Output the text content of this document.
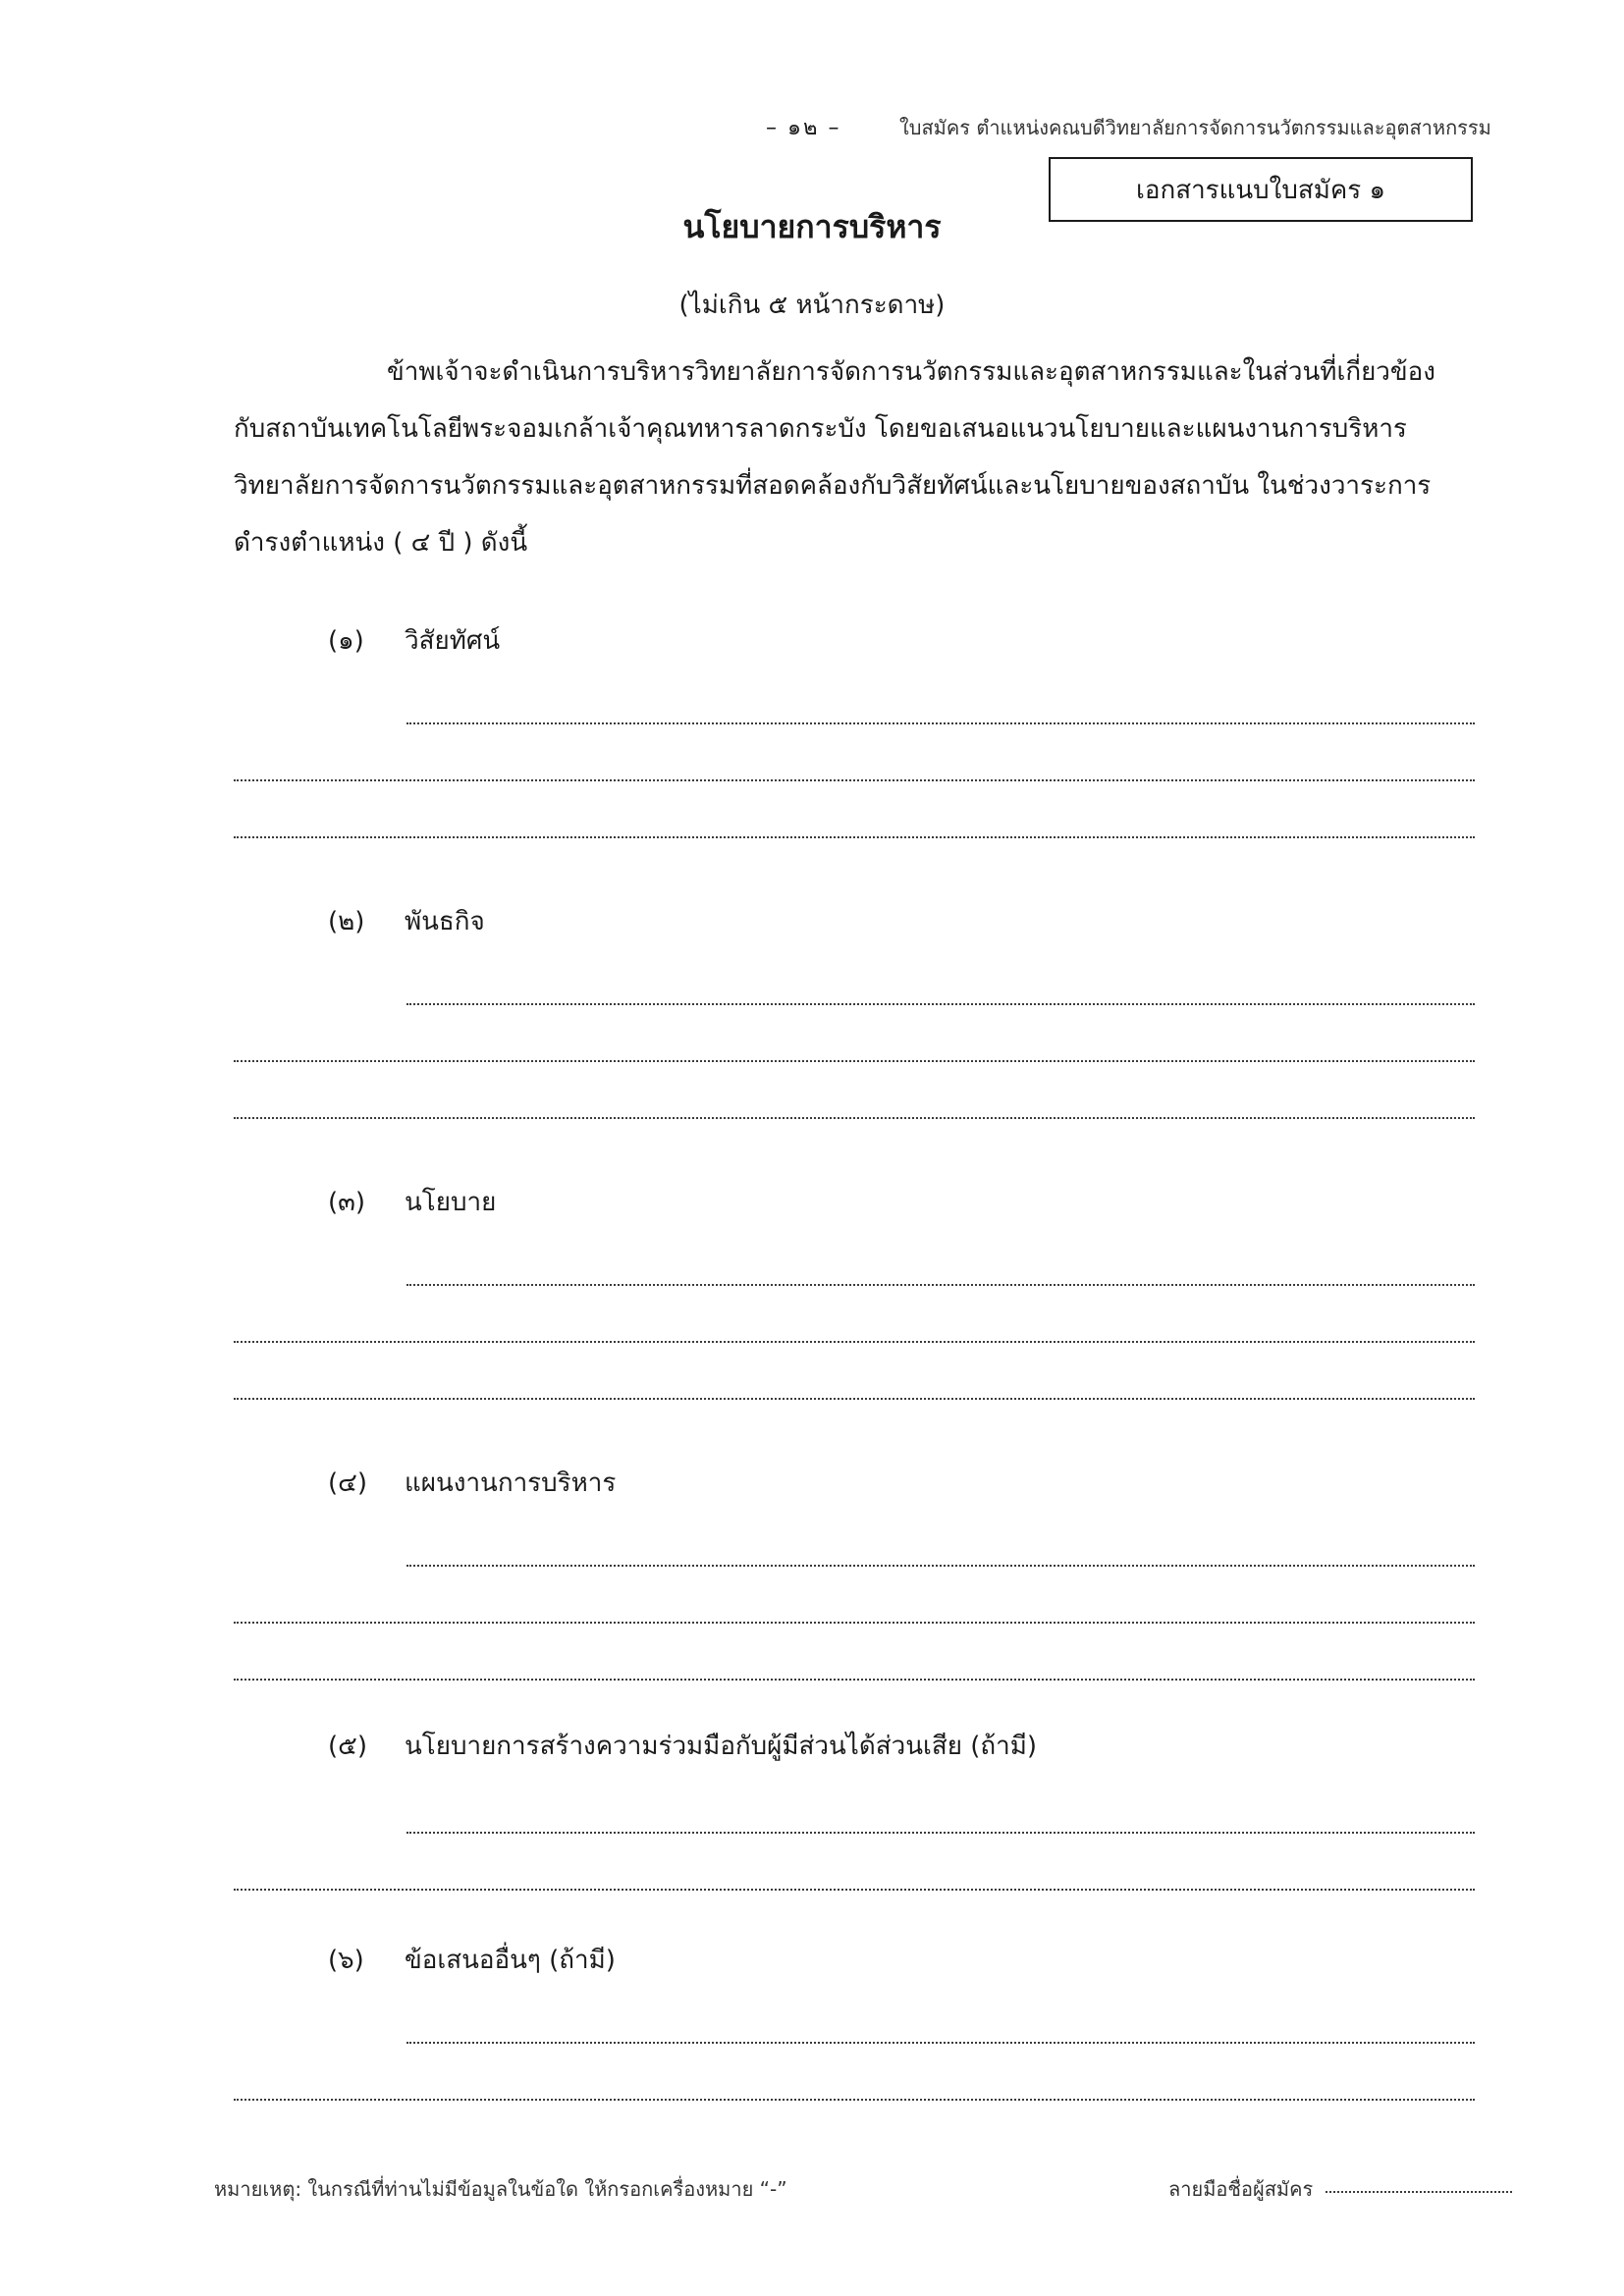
– ๑๒ –	ใบสมัคร ตำแหน่งคณบดีวิทยาลัยการจัดการนวัตกรรมและอุตสาหกรรม
เอกสารแนบใบสมัคร ๑
นโยบายการบริหาร
(ไม่เกิน ๕ หน้ากระดาษ)
ข้าพเจ้าจะดำเนินการบริหารวิทยาลัยการจัดการนวัตกรรมและอุตสาหกรรมและในส่วนที่เกี่ยวข้อง
กับสถาบันเทคโนโลยีพระจอมเกล้าเจ้าคุณทหารลาดกระบัง โดยขอเสนอแนวนโยบายและแผนงานการบริหาร
วิทยาลัยการจัดการนวัตกรรมและอุตสาหกรรมที่สอดคล้องกับวิสัยทัศน์และนโยบายของสถาบัน ในช่วงวาระการ
ดำรงตำแหน่ง ( ๔ ปี ) ดังนี้
(๑) วิสัยทัศน์
(๒) พันธกิจ
(๓) นโยบาย
(๔) แผนงานการบริหาร
(๕) นโยบายการสร้างความร่วมมือกับผู้มีส่วนได้ส่วนเสีย (ถ้ามี)
(๖) ข้อเสนออื่นๆ (ถ้ามี)
หมายเหตุ: ในกรณีที่ท่านไม่มีข้อมูลในข้อใด ให้กรอกเครื่องหมาย “-”	ลายมือชื่อผู้สมัคร
